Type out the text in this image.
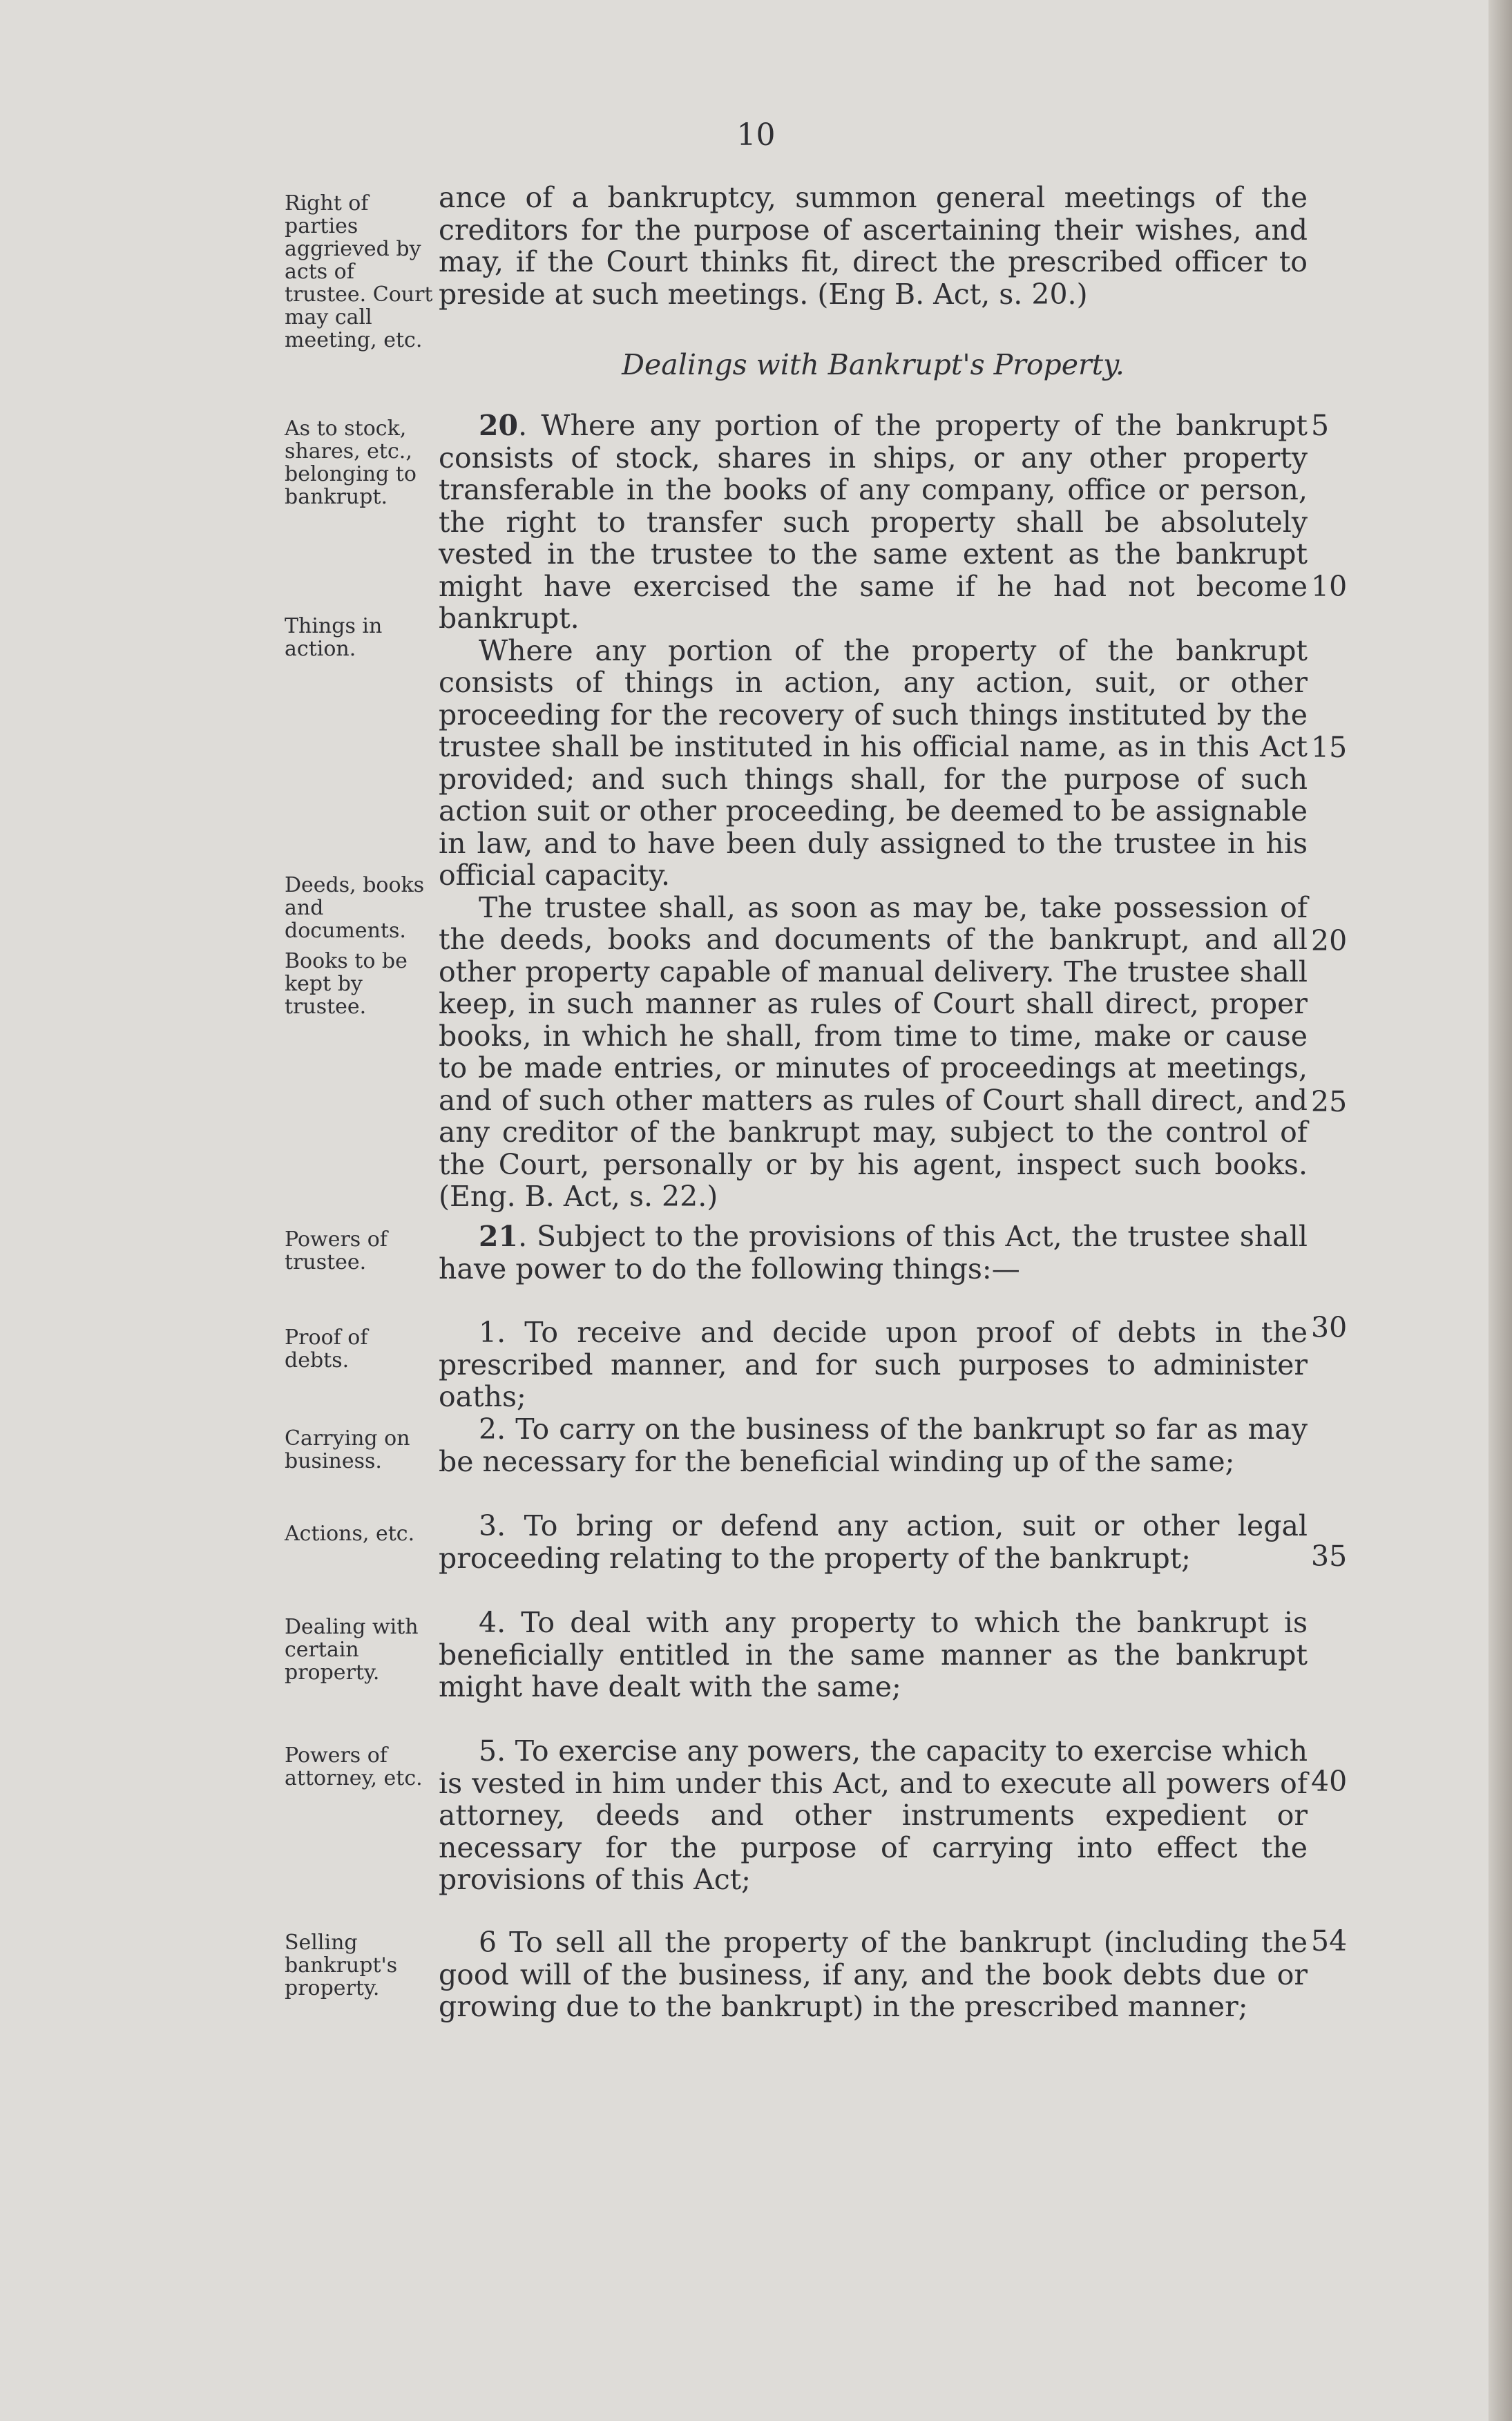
10
Right of parties aggrieved by acts of trustee. Court may call meeting, etc.
As to stock, shares, etc., belonging to bankrupt.
Things in action.
Deeds, books and documents.
Books to be kept by trustee.
Powers of trustee.
Proof of debts.
Carrying on business.
Actions, etc.
Dealing with certain property.
Powers of attorney, etc.
Selling bankrupt's property.

ance of a bankruptcy, summon general meetings of the creditors for the purpose of ascertaining their wishes, and may, if the Court thinks fit, direct the prescribed officer to preside at such meetings. (Eng B. Act, s. 20.)

Dealings with Bankrupt's Property.

20. Where any portion of the property of the bankrupt consists of stock, shares in ships, or any other property transferable in the books of any company, office or person, the right to transfer such property shall be absolutely vested in the trustee to the same extent as the bankrupt might have exercised the same if he had not become bankrupt.

Where any portion of the property of the bankrupt consists of things in action, any action, suit, or other proceeding for the recovery of such things instituted by the trustee shall be instituted in his official name, as in this Act provided; and such things shall, for the purpose of such action suit or other proceeding, be deemed to be assignable in law, and to have been duly assigned to the trustee in his official capacity.

The trustee shall, as soon as may be, take possession of the deeds, books and documents of the bankrupt, and all other property capable of manual delivery. The trustee shall keep, in such manner as rules of Court shall direct, proper books, in which he shall, from time to time, make or cause to be made entries, or minutes of proceedings at meetings, and of such other matters as rules of Court shall direct, and any creditor of the bankrupt may, subject to the control of the Court, personally or by his agent, inspect such books. (Eng. B. Act, s. 22.)

21. Subject to the provisions of this Act, the trustee shall have power to do the following things:—

1. To receive and decide upon proof of debts in the prescribed manner, and for such purposes to administer oaths;

2. To carry on the business of the bankrupt so far as may be necessary for the beneficial winding up of the same;

3. To bring or defend any action, suit or other legal proceeding relating to the property of the bankrupt;

4. To deal with any property to which the bankrupt is beneficially entitled in the same manner as the bankrupt might have dealt with the same;

5. To exercise any powers, the capacity to exercise which is vested in him under this Act, and to execute all powers of attorney, deeds and other instruments expedient or necessary for the purpose of carrying into effect the provisions of this Act;

6 To sell all the property of the bankrupt (including the good will of the business, if any, and the book debts due or growing due to the bankrupt) in the prescribed manner;

5
10
15
20
25
30
35
40
54
